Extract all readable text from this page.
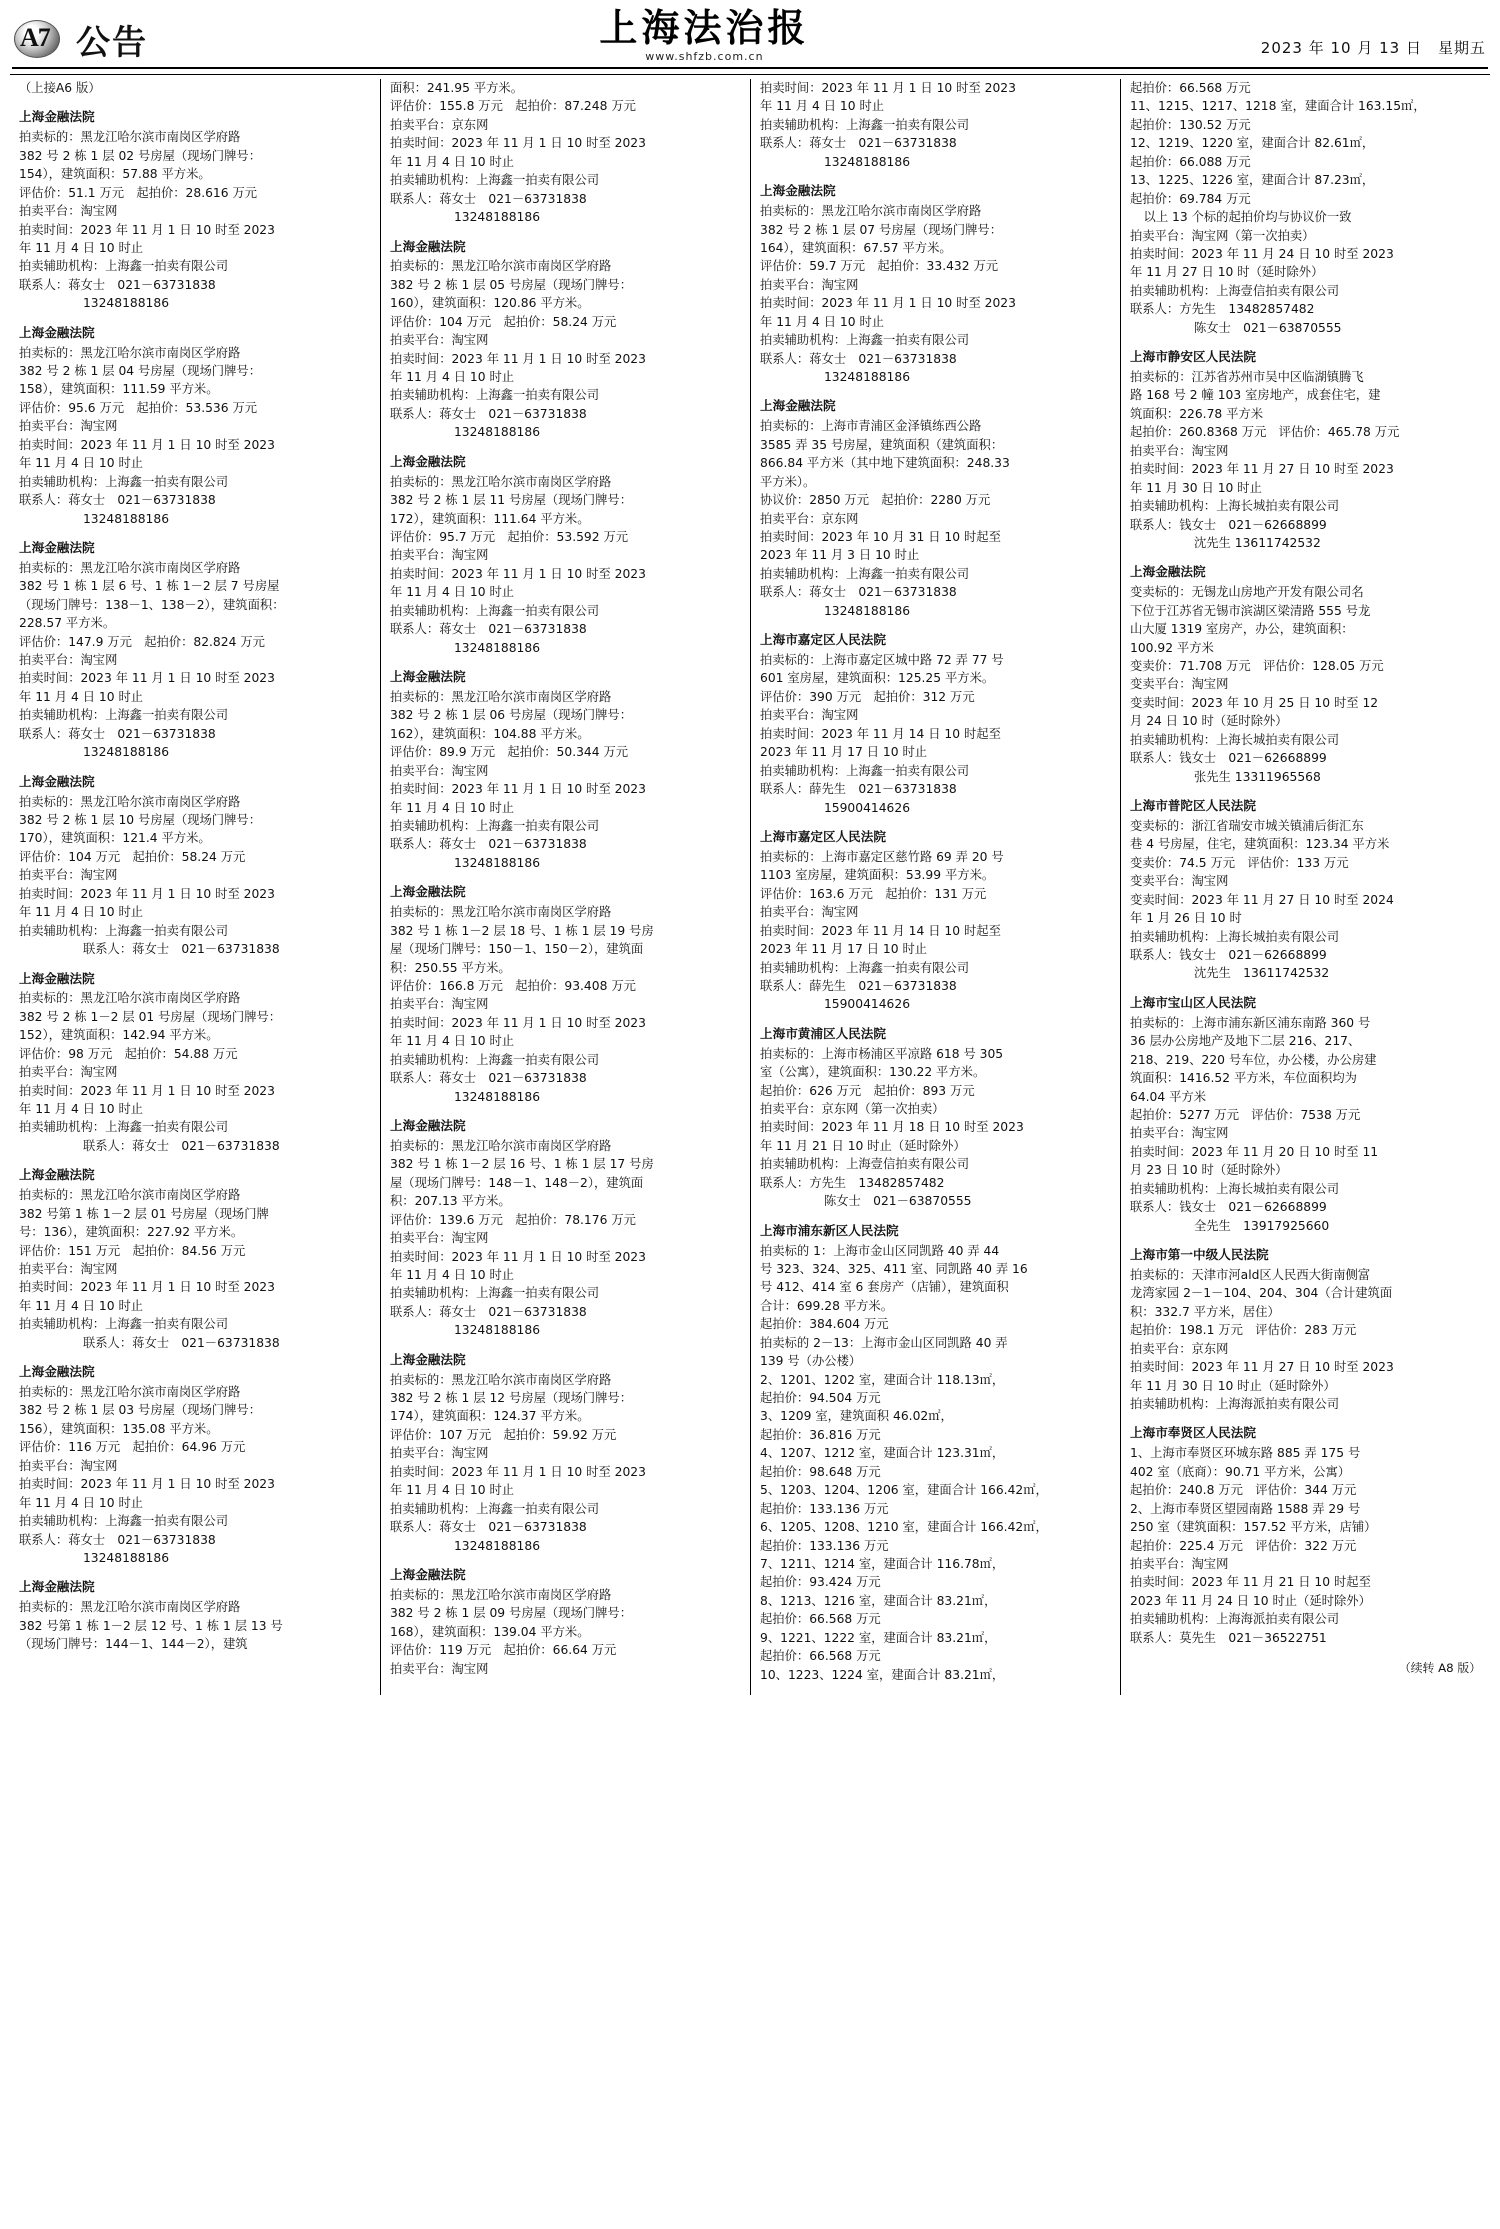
A7 公告	上海法治报
www.shfzb.com.cn	2023 年 10 月 13 日　星期五
（上接A6 版）
上海金融法院
拍卖标的：黑龙江哈尔滨市南岗区学府路
382 号 2 栋 1 层 02 号房屋（现场门牌号：
154），建筑面积：57.88 平方米。
评估价：51.1 万元　起拍价：28.616 万元
拍卖平台：淘宝网
拍卖时间：2023 年 11 月 1 日 10 时至 2023
年 11 月 4 日 10 时止
拍卖辅助机构：上海鑫一拍卖有限公司
联系人：蒋女士　021－63731838
13248188186
上海金融法院
拍卖标的：黑龙江哈尔滨市南岗区学府路
382 号 2 栋 1 层 04 号房屋（现场门牌号：
158），建筑面积：111.59 平方米。
评估价：95.6 万元　起拍价：53.536 万元
拍卖平台：淘宝网
拍卖时间：2023 年 11 月 1 日 10 时至 2023
年 11 月 4 日 10 时止
拍卖辅助机构：上海鑫一拍卖有限公司
联系人：蒋女士　021－63731838
13248188186
上海金融法院
拍卖标的：黑龙江哈尔滨市南岗区学府路
382 号 1 栋 1 层 6 号、1 栋 1－2 层 7 号房屋
（现场门牌号：138－1、138－2），建筑面积：
228.57 平方米。
评估价：147.9 万元　起拍价：82.824 万元
拍卖平台：淘宝网
拍卖时间：2023 年 11 月 1 日 10 时至 2023
年 11 月 4 日 10 时止
拍卖辅助机构：上海鑫一拍卖有限公司
联系人：蒋女士　021－63731838
13248188186
上海金融法院
拍卖标的：黑龙江哈尔滨市南岗区学府路
382 号 2 栋 1 层 10 号房屋（现场门牌号：
170），建筑面积：121.4 平方米。
评估价：104 万元　起拍价：58.24 万元
拍卖平台：淘宝网
拍卖时间：2023 年 11 月 1 日 10 时至 2023
年 11 月 4 日 10 时止
拍卖辅助机构：上海鑫一拍卖有限公司
联系人：蒋女士　021－63731838
上海金融法院
拍卖标的：黑龙江哈尔滨市南岗区学府路
382 号 2 栋 1－2 层 01 号房屋（现场门牌号：
152），建筑面积：142.94 平方米。
评估价：98 万元　起拍价：54.88 万元
拍卖平台：淘宝网
拍卖时间：2023 年 11 月 1 日 10 时至 2023
年 11 月 4 日 10 时止
拍卖辅助机构：上海鑫一拍卖有限公司
联系人：蒋女士　021－63731838
上海金融法院
拍卖标的：黑龙江哈尔滨市南岗区学府路
382 号第 1 栋 1－2 层 01 号房屋（现场门牌
号：136），建筑面积：227.92 平方米。
评估价：151 万元　起拍价：84.56 万元
拍卖平台：淘宝网
拍卖时间：2023 年 11 月 1 日 10 时至 2023
年 11 月 4 日 10 时止
拍卖辅助机构：上海鑫一拍卖有限公司
联系人：蒋女士　021－63731838
上海金融法院
拍卖标的：黑龙江哈尔滨市南岗区学府路
382 号 2 栋 1 层 03 号房屋（现场门牌号：
156），建筑面积：135.08 平方米。
评估价：116 万元　起拍价：64.96 万元
拍卖平台：淘宝网
拍卖时间：2023 年 11 月 1 日 10 时至 2023
年 11 月 4 日 10 时止
拍卖辅助机构：上海鑫一拍卖有限公司
联系人：蒋女士　021－63731838
13248188186
上海金融法院
拍卖标的：黑龙江哈尔滨市南岗区学府路
382 号第 1 栋 1－2 层 12 号、1 栋 1 层 13 号
（现场门牌号：144－1、144－2），建筑
面积：241.95 平方米。
评估价：155.8 万元　起拍价：87.248 万元
拍卖平台：京东网
拍卖时间：2023 年 11 月 1 日 10 时至 2023
年 11 月 4 日 10 时止
拍卖辅助机构：上海鑫一拍卖有限公司
联系人：蒋女士　021－63731838
13248188186
上海金融法院
拍卖标的：黑龙江哈尔滨市南岗区学府路
382 号 2 栋 1 层 05 号房屋（现场门牌号：
160），建筑面积：120.86 平方米。
评估价：104 万元　起拍价：58.24 万元
拍卖平台：淘宝网
拍卖时间：2023 年 11 月 1 日 10 时至 2023
年 11 月 4 日 10 时止
拍卖辅助机构：上海鑫一拍卖有限公司
联系人：蒋女士　021－63731838
13248188186
上海金融法院
拍卖标的：黑龙江哈尔滨市南岗区学府路
382 号 2 栋 1 层 11 号房屋（现场门牌号：
172），建筑面积：111.64 平方米。
评估价：95.7 万元　起拍价：53.592 万元
拍卖平台：淘宝网
拍卖时间：2023 年 11 月 1 日 10 时至 2023
年 11 月 4 日 10 时止
拍卖辅助机构：上海鑫一拍卖有限公司
联系人：蒋女士　021－63731838
13248188186
上海金融法院
拍卖标的：黑龙江哈尔滨市南岗区学府路
382 号 2 栋 1 层 06 号房屋（现场门牌号：
162），建筑面积：104.88 平方米。
评估价：89.9 万元　起拍价：50.344 万元
拍卖平台：淘宝网
拍卖时间：2023 年 11 月 1 日 10 时至 2023
年 11 月 4 日 10 时止
拍卖辅助机构：上海鑫一拍卖有限公司
联系人：蒋女士　021－63731838
13248188186
上海金融法院
拍卖标的：黑龙江哈尔滨市南岗区学府路
382 号 1 栋 1－2 层 18 号、1 栋 1 层 19 号房
屋（现场门牌号：150－1、150－2），建筑面
积：250.55 平方米。
评估价：166.8 万元　起拍价：93.408 万元
拍卖平台：淘宝网
拍卖时间：2023 年 11 月 1 日 10 时至 2023
年 11 月 4 日 10 时止
拍卖辅助机构：上海鑫一拍卖有限公司
联系人：蒋女士　021－63731838
13248188186
上海金融法院
拍卖标的：黑龙江哈尔滨市南岗区学府路
382 号 1 栋 1－2 层 16 号、1 栋 1 层 17 号房
屋（现场门牌号：148－1、148－2），建筑面
积：207.13 平方米。
评估价：139.6 万元　起拍价：78.176 万元
拍卖平台：淘宝网
拍卖时间：2023 年 11 月 1 日 10 时至 2023
年 11 月 4 日 10 时止
拍卖辅助机构：上海鑫一拍卖有限公司
联系人：蒋女士　021－63731838
13248188186
上海金融法院
拍卖标的：黑龙江哈尔滨市南岗区学府路
382 号 2 栋 1 层 12 号房屋（现场门牌号：
174），建筑面积：124.37 平方米。
评估价：107 万元　起拍价：59.92 万元
拍卖平台：淘宝网
拍卖时间：2023 年 11 月 1 日 10 时至 2023
年 11 月 4 日 10 时止
拍卖辅助机构：上海鑫一拍卖有限公司
联系人：蒋女士　021－63731838
13248188186
上海金融法院
拍卖标的：黑龙江哈尔滨市南岗区学府路
382 号 2 栋 1 层 09 号房屋（现场门牌号：
168），建筑面积：139.04 平方米。
评估价：119 万元　起拍价：66.64 万元
拍卖平台：淘宝网
拍卖时间：2023 年 11 月 1 日 10 时至 2023
年 11 月 4 日 10 时止
拍卖辅助机构：上海鑫一拍卖有限公司
联系人：蒋女士　021－63731838
13248188186
上海金融法院
拍卖标的：黑龙江哈尔滨市南岗区学府路
382 号 2 栋 1 层 07 号房屋（现场门牌号：
164），建筑面积：67.57 平方米。
评估价：59.7 万元　起拍价：33.432 万元
拍卖平台：淘宝网
拍卖时间：2023 年 11 月 1 日 10 时至 2023
年 11 月 4 日 10 时止
拍卖辅助机构：上海鑫一拍卖有限公司
联系人：蒋女士　021－63731838
13248188186
上海金融法院
拍卖标的：上海市青浦区金泽镇练西公路
3585 弄 35 号房屋，建筑面积（建筑面积：
866.84 平方米（其中地下建筑面积：248.33
平方米）。
协议价：2850 万元　起拍价：2280 万元
拍卖平台：京东网
拍卖时间：2023 年 10 月 31 日 10 时起至
2023 年 11 月 3 日 10 时止
拍卖辅助机构：上海鑫一拍卖有限公司
联系人：蒋女士　021－63731838
13248188186
上海市嘉定区人民法院
拍卖标的：上海市嘉定区城中路 72 弄 77 号
601 室房屋，建筑面积：125.25 平方米。
评估价：390 万元　起拍价：312 万元
拍卖平台：淘宝网
拍卖时间：2023 年 11 月 14 日 10 时起至
2023 年 11 月 17 日 10 时止
拍卖辅助机构：上海鑫一拍卖有限公司
联系人：薛先生　021－63731838
15900414626
上海市嘉定区人民法院
拍卖标的：上海市嘉定区慈竹路 69 弄 20 号
1103 室房屋，建筑面积：53.99 平方米。
评估价：163.6 万元　起拍价：131 万元
拍卖平台：淘宝网
拍卖时间：2023 年 11 月 14 日 10 时起至
2023 年 11 月 17 日 10 时止
拍卖辅助机构：上海鑫一拍卖有限公司
联系人：薛先生　021－63731838
15900414626
上海市黄浦区人民法院
拍卖标的：上海市杨浦区平凉路 618 号 305
室（公寓），建筑面积：130.22 平方米。
起拍价：626 万元　起拍价：893 万元
拍卖平台：京东网（第一次拍卖）
拍卖时间：2023 年 11 月 18 日 10 时至 2023
年 11 月 21 日 10 时止（延时除外）
拍卖辅助机构：上海壹信拍卖有限公司
联系人：方先生　13482857482
陈女士　021－63870555
上海市浦东新区人民法院
拍卖标的 1：上海市金山区同凯路 40 弄 44
号 323、324、325、411 室、同凯路 40 弄 16
号 412、414 室 6 套房产（店铺），建筑面积
合计：699.28 平方米。
起拍价：384.604 万元
拍卖标的 2－13：上海市金山区同凯路 40 弄
139 号（办公楼）
2、1201、1202 室，建面合计 118.13㎡，
起拍价：94.504 万元
3、1209 室，建筑面积 46.02㎡，
起拍价：36.816 万元
4、1207、1212 室，建面合计 123.31㎡，
起拍价：98.648 万元
5、1203、1204、1206 室，建面合计 166.42㎡，
起拍价：133.136 万元
6、1205、1208、1210 室，建面合计 166.42㎡，
起拍价：133.136 万元
7、1211、1214 室，建面合计 116.78㎡，
起拍价：93.424 万元
8、1213、1216 室，建面合计 83.21㎡，
起拍价：66.568 万元
9、1221、1222 室，建面合计 83.21㎡，
起拍价：66.568 万元
10、1223、1224 室，建面合计 83.21㎡，
起拍价：66.568 万元
11、1215、1217、1218 室，建面合计 163.15㎡，
起拍价：130.52 万元
12、1219、1220 室，建面合计 82.61㎡，
起拍价：66.088 万元
13、1225、1226 室，建面合计 87.23㎡，
起拍价：69.784 万元
以上 13 个标的起拍价均与协议价一致
拍卖平台：淘宝网（第一次拍卖）
拍卖时间：2023 年 11 月 24 日 10 时至 2023
年 11 月 27 日 10 时（延时除外）
拍卖辅助机构：上海壹信拍卖有限公司
联系人：方先生　13482857482
陈女士　021－63870555
上海市静安区人民法院
拍卖标的：江苏省苏州市吴中区临湖镇腾飞
路 168 号 2 幢 103 室房地产，成套住宅，建
筑面积：226.78 平方米
起拍价：260.8368 万元　评估价：465.78 万元
拍卖平台：淘宝网
拍卖时间：2023 年 11 月 27 日 10 时至 2023
年 11 月 30 日 10 时止
拍卖辅助机构：上海长城拍卖有限公司
联系人：钱女士　021－62668899
沈先生 13611742532
上海金融法院
变卖标的：无锡龙山房地产开发有限公司名
下位于江苏省无锡市滨湖区梁清路 555 号龙
山大厦 1319 室房产，办公，建筑面积：
100.92 平方米
变卖价：71.708 万元　评估价：128.05 万元
变卖平台：淘宝网
变卖时间：2023 年 10 月 25 日 10 时至 12
月 24 日 10 时（延时除外）
拍卖辅助机构：上海长城拍卖有限公司
联系人：钱女士　021－62668899
张先生 13311965568
上海市普陀区人民法院
变卖标的：浙江省瑞安市城关镇浦后街汇东
巷 4 号房屋，住宅，建筑面积：123.34 平方米
变卖价：74.5 万元　评估价：133 万元
变卖平台：淘宝网
变卖时间：2023 年 11 月 27 日 10 时至 2024
年 1 月 26 日 10 时
拍卖辅助机构：上海长城拍卖有限公司
联系人：钱女士　021－62668899
沈先生　13611742532
上海市宝山区人民法院
拍卖标的：上海市浦东新区浦东南路 360 号
36 层办公房地产及地下二层 216、217、
218、219、220 号车位，办公楼，办公房建
筑面积：1416.52 平方米，车位面积均为
64.04 平方米
起拍价：5277 万元　评估价：7538 万元
拍卖平台：淘宝网
拍卖时间：2023 年 11 月 20 日 10 时至 11
月 23 日 10 时（延时除外）
拍卖辅助机构：上海长城拍卖有限公司
联系人：钱女士　021－62668899
全先生　13917925660
上海市第一中级人民法院
拍卖标的：天津市河ald区人民西大街南侧富
龙湾家园 2－1－104、204、304（合计建筑面
积：332.7 平方米，居住）
起拍价：198.1 万元　评估价：283 万元
拍卖平台：京东网
拍卖时间：2023 年 11 月 27 日 10 时至 2023
年 11 月 30 日 10 时止（延时除外）
拍卖辅助机构：上海海派拍卖有限公司
上海市奉贤区人民法院
1、上海市奉贤区环城东路 885 弄 175 号
402 室（底商）：90.71 平方米，公寓）
起拍价：240.8 万元　评估价：344 万元
2、上海市奉贤区望园南路 1588 弄 29 号
250 室（建筑面积：157.52 平方米，店铺）
起拍价：225.4 万元　评估价：322 万元
拍卖平台：淘宝网
拍卖时间：2023 年 11 月 21 日 10 时起至
2023 年 11 月 24 日 10 时止（延时除外）
拍卖辅助机构：上海海派拍卖有限公司
联系人：莫先生　021－36522751
（续转 A8 版）
